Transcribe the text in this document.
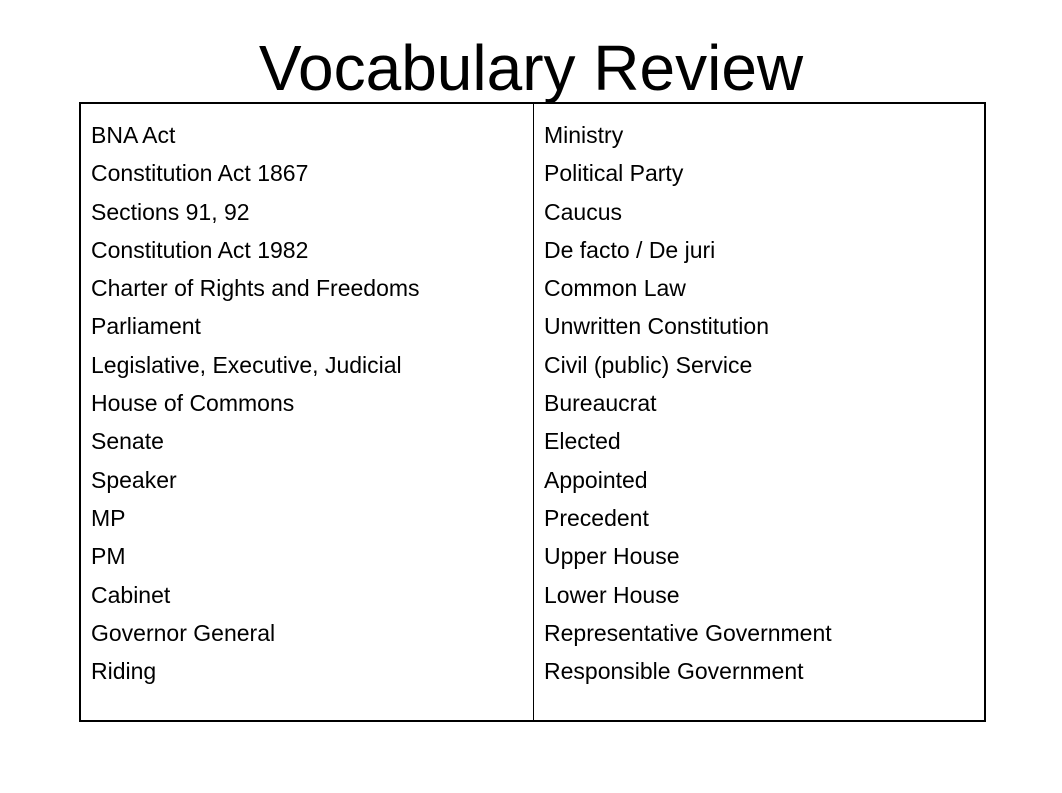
Vocabulary Review
BNA Act
Constitution Act 1867
Sections 91, 92
Constitution Act 1982
Charter of Rights and Freedoms
Parliament
Legislative, Executive, Judicial
House of Commons
Senate
Speaker
MP
PM
Cabinet
Governor General
Riding
Ministry
Political Party
Caucus
De facto / De juri
Common Law
Unwritten Constitution
Civil (public) Service
Bureaucrat
Elected
Appointed
Precedent
Upper House
Lower House
Representative Government
Responsible Government
